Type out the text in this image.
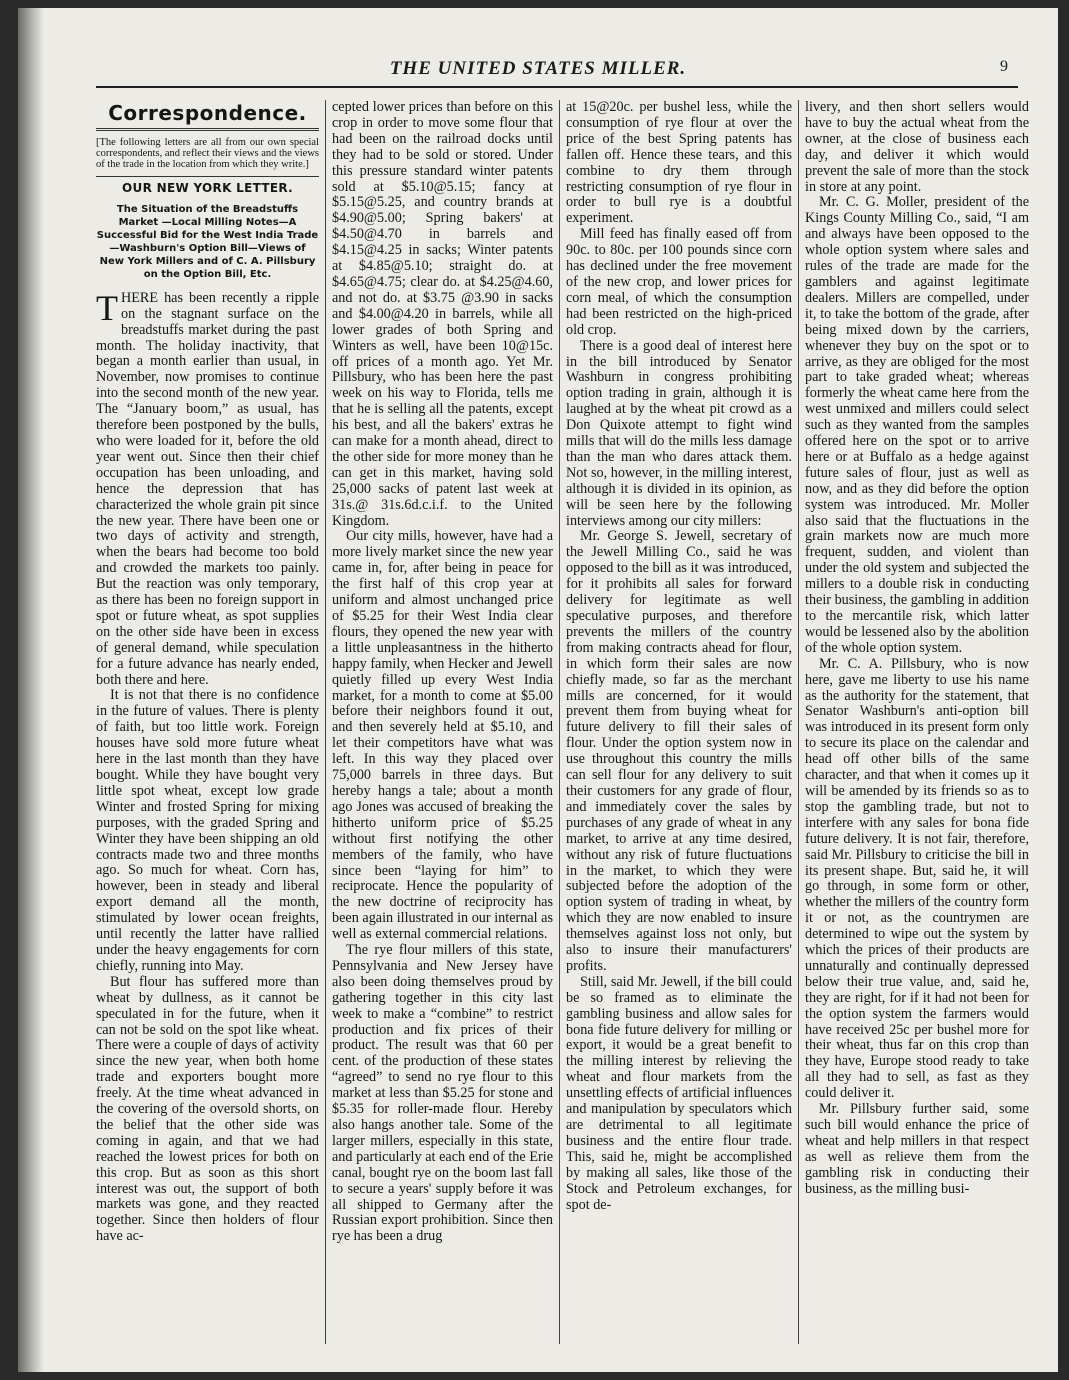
THE UNITED STATES MILLER.	9
Correspondence.
[The following letters are all from our own special correspondents, and reflect their views and the views of the trade in the location from which they write.]
OUR NEW YORK LETTER.
The Situation of the Breadstuffs Market —Local Milling Notes—A Successful Bid for the West India Trade—Washburn's Option Bill—Views of New York Millers and of C. A. Pillsbury on the Option Bill, Etc.

THERE has been recently a ripple on the stagnant surface on the breadstuffs market during the past month. The holiday inactivity, that began a month earlier than usual, in November, now promises to continue into the second month of the new year. The “January boom,” as usual, has therefore been postponed by the bulls, who were loaded for it, before the old year went out. Since then their chief occupation has been unloading, and hence the depression that has characterized the whole grain pit since the new year. There have been one or two days of activity and strength, when the bears had become too bold and crowded the markets too painly. But the reaction was only temporary, as there has been no foreign support in spot or future wheat, as spot supplies on the other side have been in excess of general demand, while speculation for a future advance has nearly ended, both there and here.

It is not that there is no confidence in the future of values. There is plenty of faith, but too little work. Foreign houses have sold more future wheat here in the last month than they have bought. While they have bought very little spot wheat, except low grade Winter and frosted Spring for mixing purposes, with the graded Spring and Winter they have been shipping an old contracts made two and three months ago. So much for wheat. Corn has, however, been in steady and liberal export demand all the month, stimulated by lower ocean freights, until recently the latter have rallied under the heavy engagements for corn chiefly, running into May.

But flour has suffered more than wheat by dullness, as it cannot be speculated in for the future, when it can not be sold on the spot like wheat. There were a couple of days of activity since the new year, when both home trade and exporters bought more freely. At the time wheat advanced in the covering of the oversold shorts, on the belief that the other side was coming in again, and that we had reached the lowest prices for both on this crop. But as soon as this short interest was out, the support of both markets was gone, and they reacted together. Since then holders of flour have ac-

cepted lower prices than before on this crop in order to move some flour that had been on the railroad docks until they had to be sold or stored. Under this pressure standard winter patents sold at $5.10@5.15; fancy at $5.15@5.25, and country brands at $4.90@5.00; Spring bakers' at $4.50@4.70 in barrels and $4.15@4.25 in sacks; Winter patents at $4.85@5.10; straight do. at $4.65@4.75; clear do. at $4.25@4.60, and not do. at $3.75 @3.90 in sacks and $4.00@4.20 in barrels, while all lower grades of both Spring and Winters as well, have been 10@15c. off prices of a month ago. Yet Mr. Pillsbury, who has been here the past week on his way to Florida, tells me that he is selling all the patents, except his best, and all the bakers' extras he can make for a month ahead, direct to the other side for more money than he can get in this market, having sold 25,000 sacks of patent last week at 31s.@ 31s.6d.c.i.f. to the United Kingdom.

Our city mills, however, have had a more lively market since the new year came in, for, after being in peace for the first half of this crop year at uniform and almost unchanged price of $5.25 for their West India clear flours, they opened the new year with a little unpleasantness in the hitherto happy family, when Hecker and Jewell quietly filled up every West India market, for a month to come at $5.00 before their neighbors found it out, and then severely held at $5.10, and let their competitors have what was left. In this way they placed over 75,000 barrels in three days. But hereby hangs a tale; about a month ago Jones was accused of breaking the hitherto uniform price of $5.25 without first notifying the other members of the family, who have since been “laying for him” to reciprocate. Hence the popularity of the new doctrine of reciprocity has been again illustrated in our internal as well as external commercial relations.

The rye flour millers of this state, Pennsylvania and New Jersey have also been doing themselves proud by gathering together in this city last week to make a “combine” to restrict production and fix prices of their product. The result was that 60 per cent. of the production of these states “agreed” to send no rye flour to this market at less than $5.25 for stone and $5.35 for roller-made flour. Hereby also hangs another tale. Some of the larger millers, especially in this state, and particularly at each end of the Erie canal, bought rye on the boom last fall to secure a years' supply before it was all shipped to Germany after the Russian export prohibition. Since then rye has been a drug

at 15@20c. per bushel less, while the consumption of rye flour at over the price of the best Spring patents has fallen off. Hence these tears, and this combine to dry them through restricting consumption of rye flour in order to bull rye is a doubtful experiment.

Mill feed has finally eased off from 90c. to 80c. per 100 pounds since corn has declined under the free movement of the new crop, and lower prices for corn meal, of which the consumption had been restricted on the high-priced old crop.

There is a good deal of interest here in the bill introduced by Senator Washburn in congress prohibiting option trading in grain, although it is laughed at by the wheat pit crowd as a Don Quixote attempt to fight wind mills that will do the mills less damage than the man who dares attack them. Not so, however, in the milling interest, although it is divided in its opinion, as will be seen here by the following interviews among our city millers:

Mr. George S. Jewell, secretary of the Jewell Milling Co., said he was opposed to the bill as it was introduced, for it prohibits all sales for forward delivery for legitimate as well speculative purposes, and therefore prevents the millers of the country from making contracts ahead for flour, in which form their sales are now chiefly made, so far as the merchant mills are concerned, for it would prevent them from buying wheat for future delivery to fill their sales of flour. Under the option system now in use throughout this country the mills can sell flour for any delivery to suit their customers for any grade of flour, and immediately cover the sales by purchases of any grade of wheat in any market, to arrive at any time desired, without any risk of future fluctuations in the market, to which they were subjected before the adoption of the option system of trading in wheat, by which they are now enabled to insure themselves against loss not only, but also to insure their manufacturers' profits.

Still, said Mr. Jewell, if the bill could be so framed as to eliminate the gambling business and allow sales for bona fide future delivery for milling or export, it would be a great benefit to the milling interest by relieving the wheat and flour markets from the unsettling effects of artificial influences and manipulation by speculators which are detrimental to all legitimate business and the entire flour trade. This, said he, might be accomplished by making all sales, like those of the Stock and Petroleum exchanges, for spot de-

livery, and then short sellers would have to buy the actual wheat from the owner, at the close of business each day, and deliver it which would prevent the sale of more than the stock in store at any point.

Mr. C. G. Moller, president of the Kings County Milling Co., said, “I am and always have been opposed to the whole option system where sales and rules of the trade are made for the gamblers and against legitimate dealers. Millers are compelled, under it, to take the bottom of the grade, after being mixed down by the carriers, whenever they buy on the spot or to arrive, as they are obliged for the most part to take graded wheat; whereas formerly the wheat came here from the west unmixed and millers could select such as they wanted from the samples offered here on the spot or to arrive here or at Buffalo as a hedge against future sales of flour, just as well as now, and as they did before the option system was introduced. Mr. Moller also said that the fluctuations in the grain markets now are much more frequent, sudden, and violent than under the old system and subjected the millers to a double risk in conducting their business, the gambling in addition to the mercantile risk, which latter would be lessened also by the abolition of the whole option system.

Mr. C. A. Pillsbury, who is now here, gave me liberty to use his name as the authority for the statement, that Senator Washburn's anti-option bill was introduced in its present form only to secure its place on the calendar and head off other bills of the same character, and that when it comes up it will be amended by its friends so as to stop the gambling trade, but not to interfere with any sales for bona fide future delivery. It is not fair, therefore, said Mr. Pillsbury to criticise the bill in its present shape. But, said he, it will go through, in some form or other, whether the millers of the country form it or not, as the countrymen are determined to wipe out the system by which the prices of their products are unnaturally and continually depressed below their true value, and, said he, they are right, for if it had not been for the option system the farmers would have received 25c per bushel more for their wheat, thus far on this crop than they have, Europe stood ready to take all they had to sell, as fast as they could deliver it.

Mr. Pillsbury further said, some such bill would enhance the price of wheat and help millers in that respect as well as relieve them from the gambling risk in conducting their business, as the milling busi-
